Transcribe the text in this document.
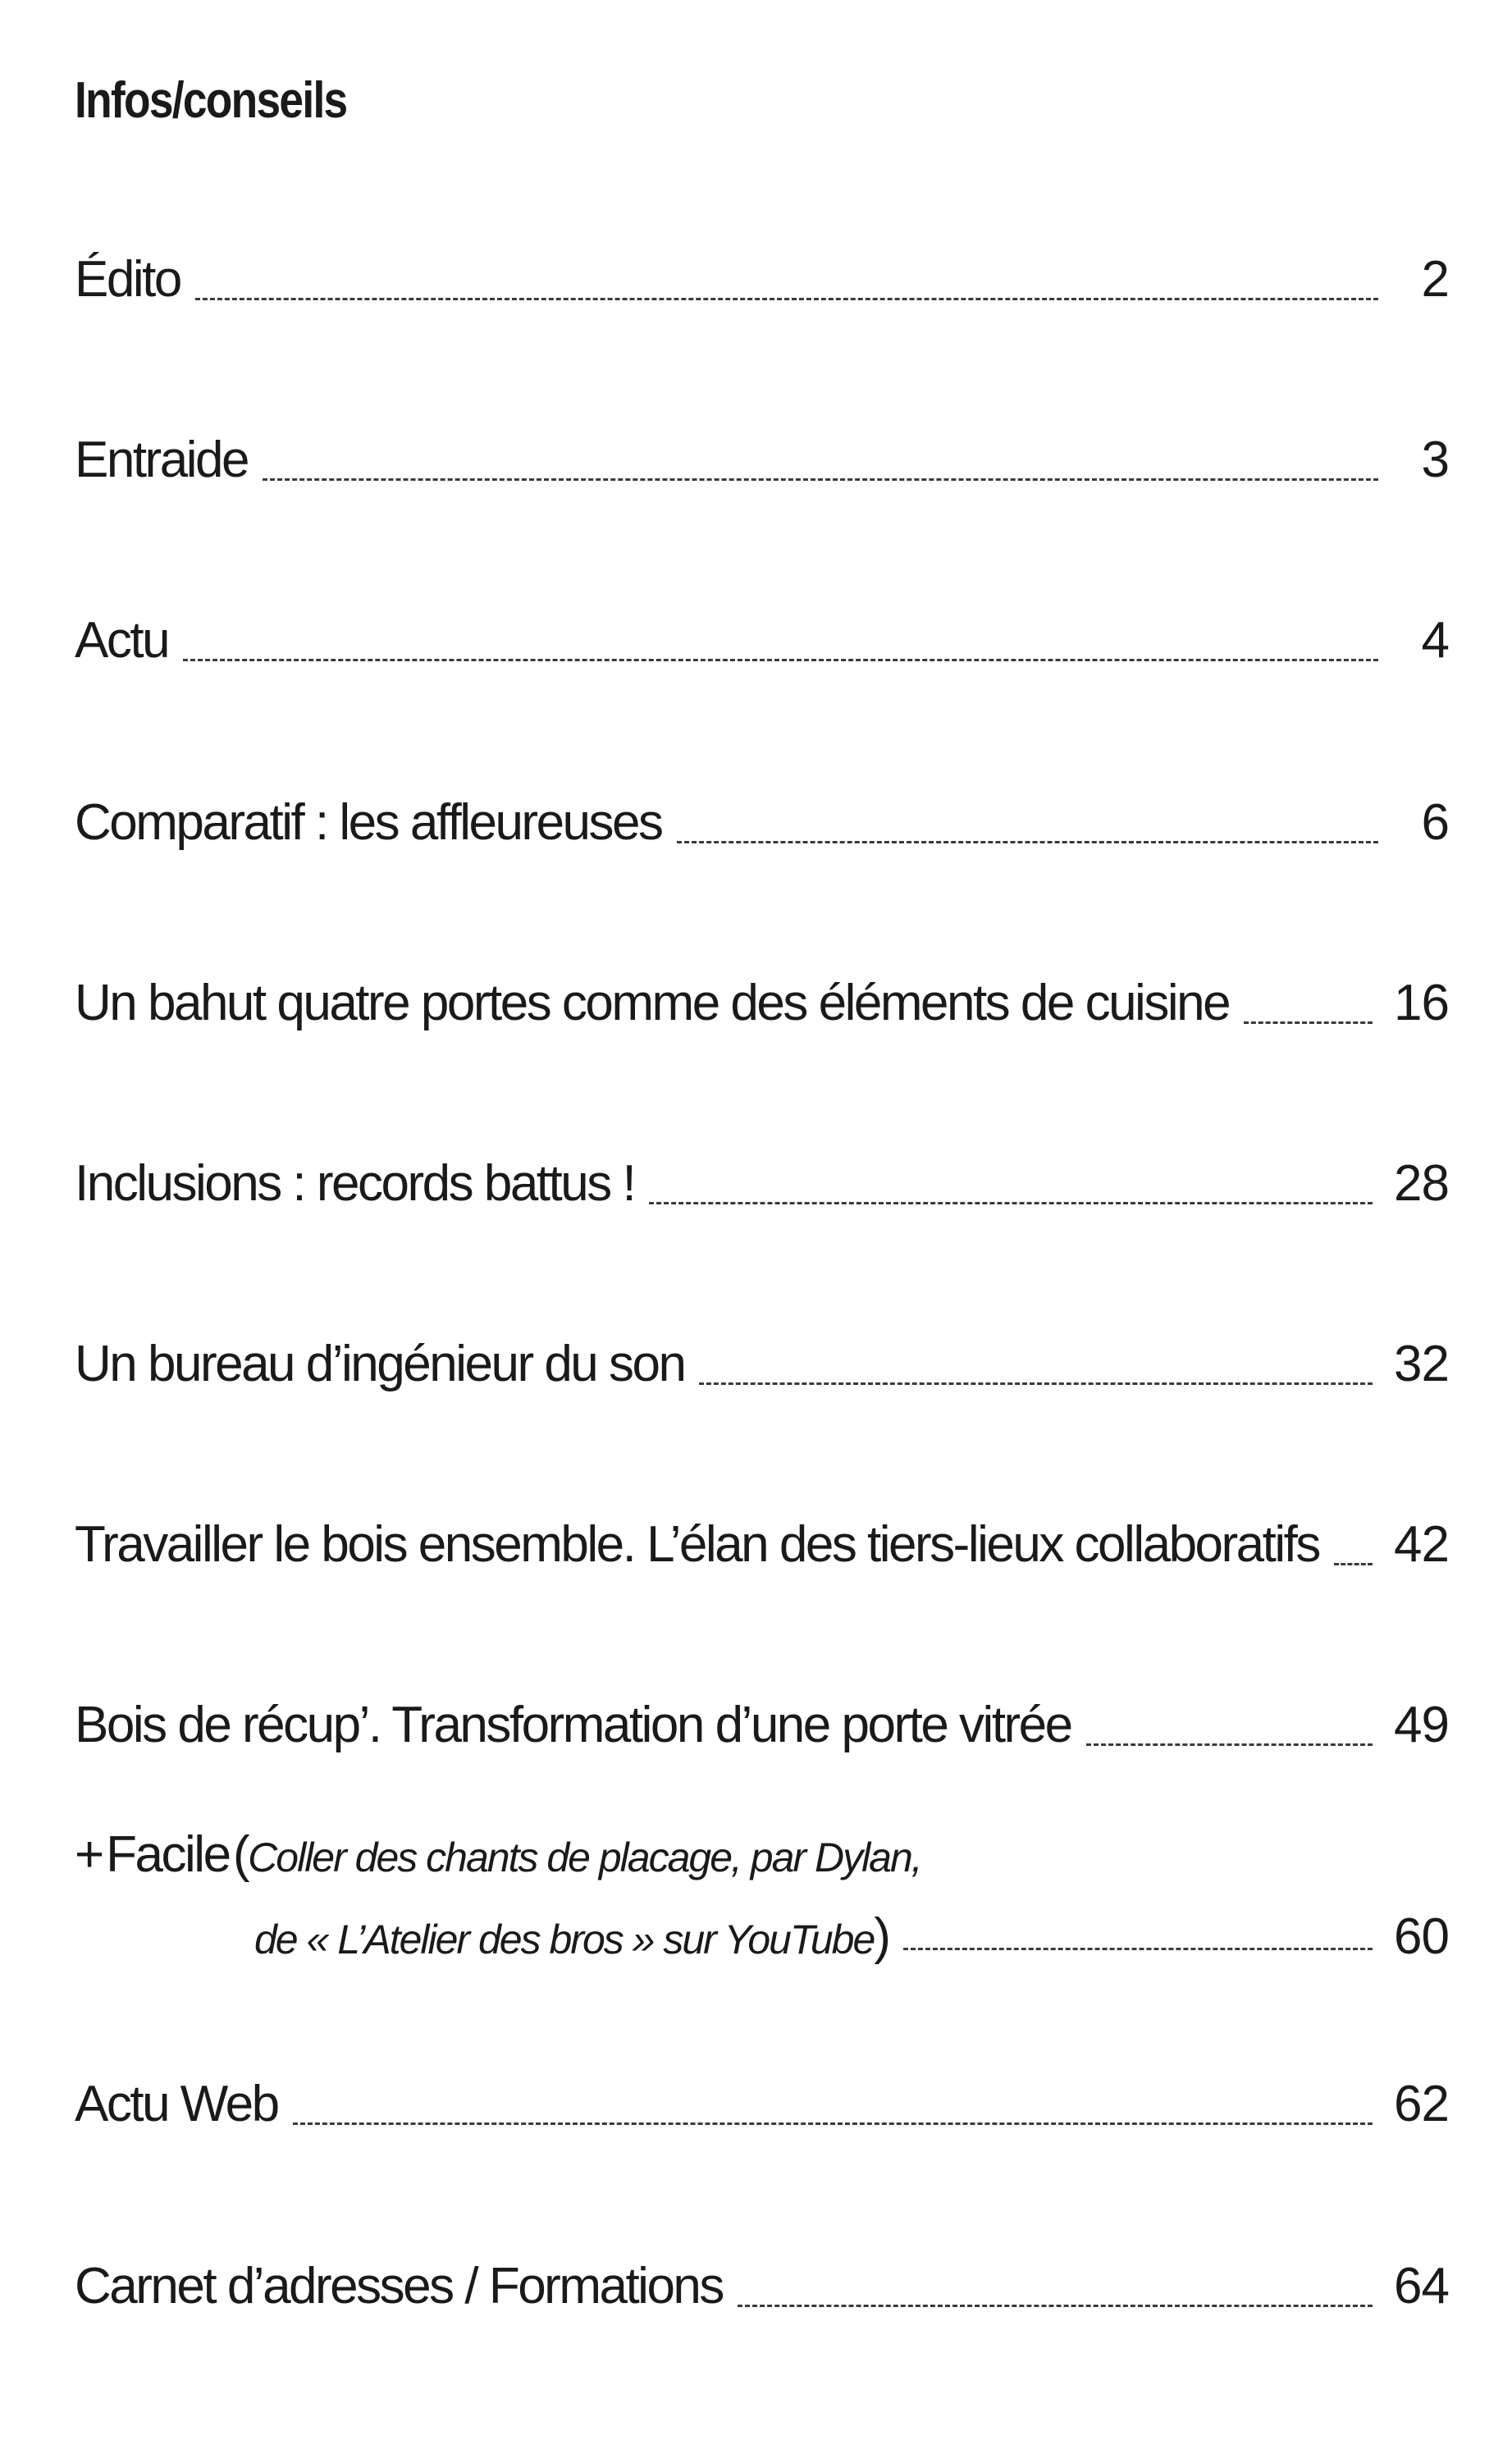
Infos/conseils
Édito	2
Entraide	3
Actu	4
Comparatif : les affleureuses	6
Un bahut quatre portes comme des éléments de cuisine	16
Inclusions : records battus !	28
Un bureau d’ingénieur du son	32
Travailler le bois ensemble. L’élan des tiers-lieux collaboratifs 42
Bois de récup’. Transformation d’une porte vitrée	49
+ Facile (Coller des chants de placage, par Dylan,
de « L’Atelier des bros » sur YouTube)	60
Actu Web	62
Carnet d’adresses / Formations	64
